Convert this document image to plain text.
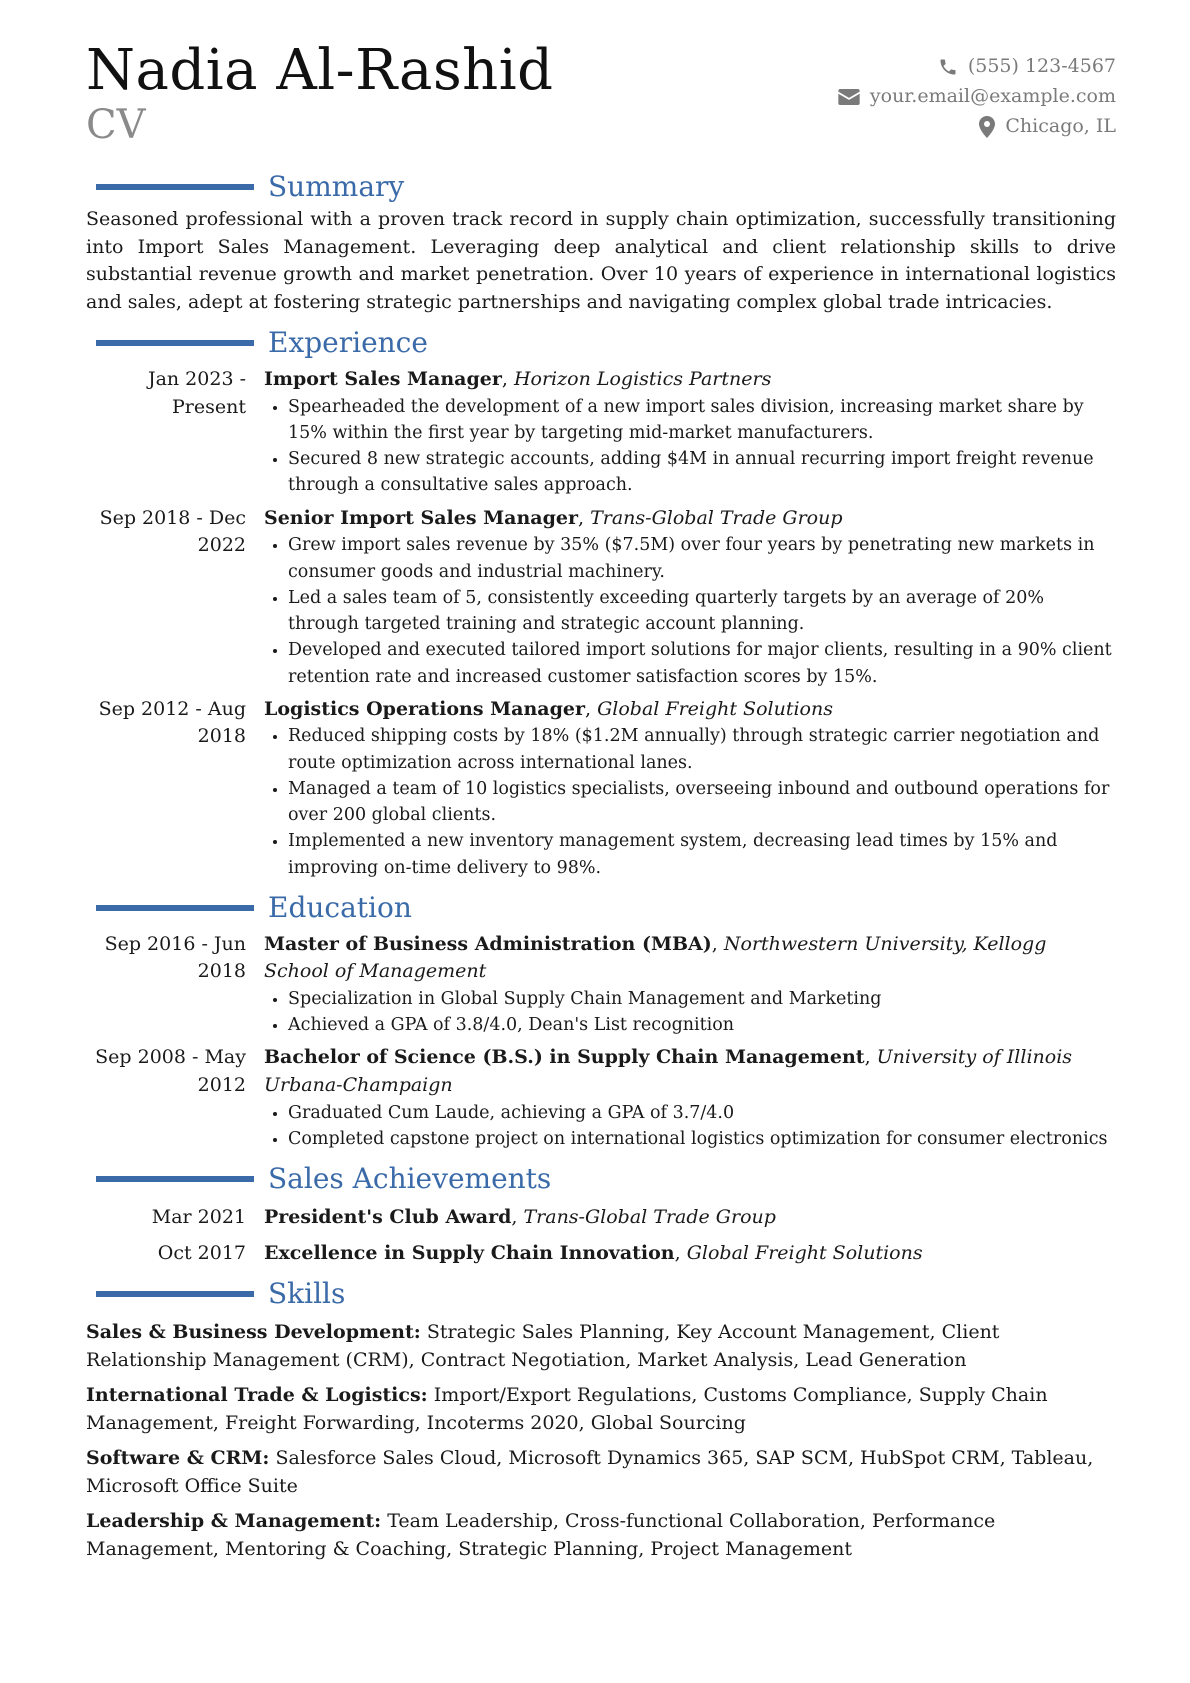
Nadia Al-Rashid
CV
(555) 123-4567
your.email@example.com
Chicago, IL
Summary
Seasoned professional with a proven track record in supply chain optimization, successfully transitioning into Import Sales Management. Leveraging deep analytical and client relationship skills to drive substantial revenue growth and market penetration. Over 10 years of experience in international logistics and sales, adept at fostering strategic partnerships and navigating complex global trade intricacies.
Experience
Jan 2023 - Present
Import Sales Manager, Horizon Logistics Partners
• Spearheaded the development of a new import sales division, increasing market share by 15% within the first year by targeting mid-market manufacturers.
• Secured 8 new strategic accounts, adding $4M in annual recurring import freight revenue through a consultative sales approach.
Sep 2018 - Dec 2022
Senior Import Sales Manager, Trans-Global Trade Group
• Grew import sales revenue by 35% ($7.5M) over four years by penetrating new markets in consumer goods and industrial machinery.
• Led a sales team of 5, consistently exceeding quarterly targets by an average of 20% through targeted training and strategic account planning.
• Developed and executed tailored import solutions for major clients, resulting in a 90% client retention rate and increased customer satisfaction scores by 15%.
Sep 2012 - Aug 2018
Logistics Operations Manager, Global Freight Solutions
• Reduced shipping costs by 18% ($1.2M annually) through strategic carrier negotiation and route optimization across international lanes.
• Managed a team of 10 logistics specialists, overseeing inbound and outbound operations for over 200 global clients.
• Implemented a new inventory management system, decreasing lead times by 15% and improving on-time delivery to 98%.
Education
Sep 2016 - Jun 2018
Master of Business Administration (MBA), Northwestern University, Kellogg School of Management
• Specialization in Global Supply Chain Management and Marketing
• Achieved a GPA of 3.8/4.0, Dean's List recognition
Sep 2008 - May 2012
Bachelor of Science (B.S.) in Supply Chain Management, University of Illinois Urbana-Champaign
• Graduated Cum Laude, achieving a GPA of 3.7/4.0
• Completed capstone project on international logistics optimization for consumer electronics
Sales Achievements
Mar 2021 President's Club Award, Trans-Global Trade Group
Oct 2017 Excellence in Supply Chain Innovation, Global Freight Solutions
Skills
Sales & Business Development: Strategic Sales Planning, Key Account Management, Client Relationship Management (CRM), Contract Negotiation, Market Analysis, Lead Generation
International Trade & Logistics: Import/Export Regulations, Customs Compliance, Supply Chain Management, Freight Forwarding, Incoterms 2020, Global Sourcing
Software & CRM: Salesforce Sales Cloud, Microsoft Dynamics 365, SAP SCM, HubSpot CRM, Tableau, Microsoft Office Suite
Leadership & Management: Team Leadership, Cross-functional Collaboration, Performance Management, Mentoring & Coaching, Strategic Planning, Project Management
